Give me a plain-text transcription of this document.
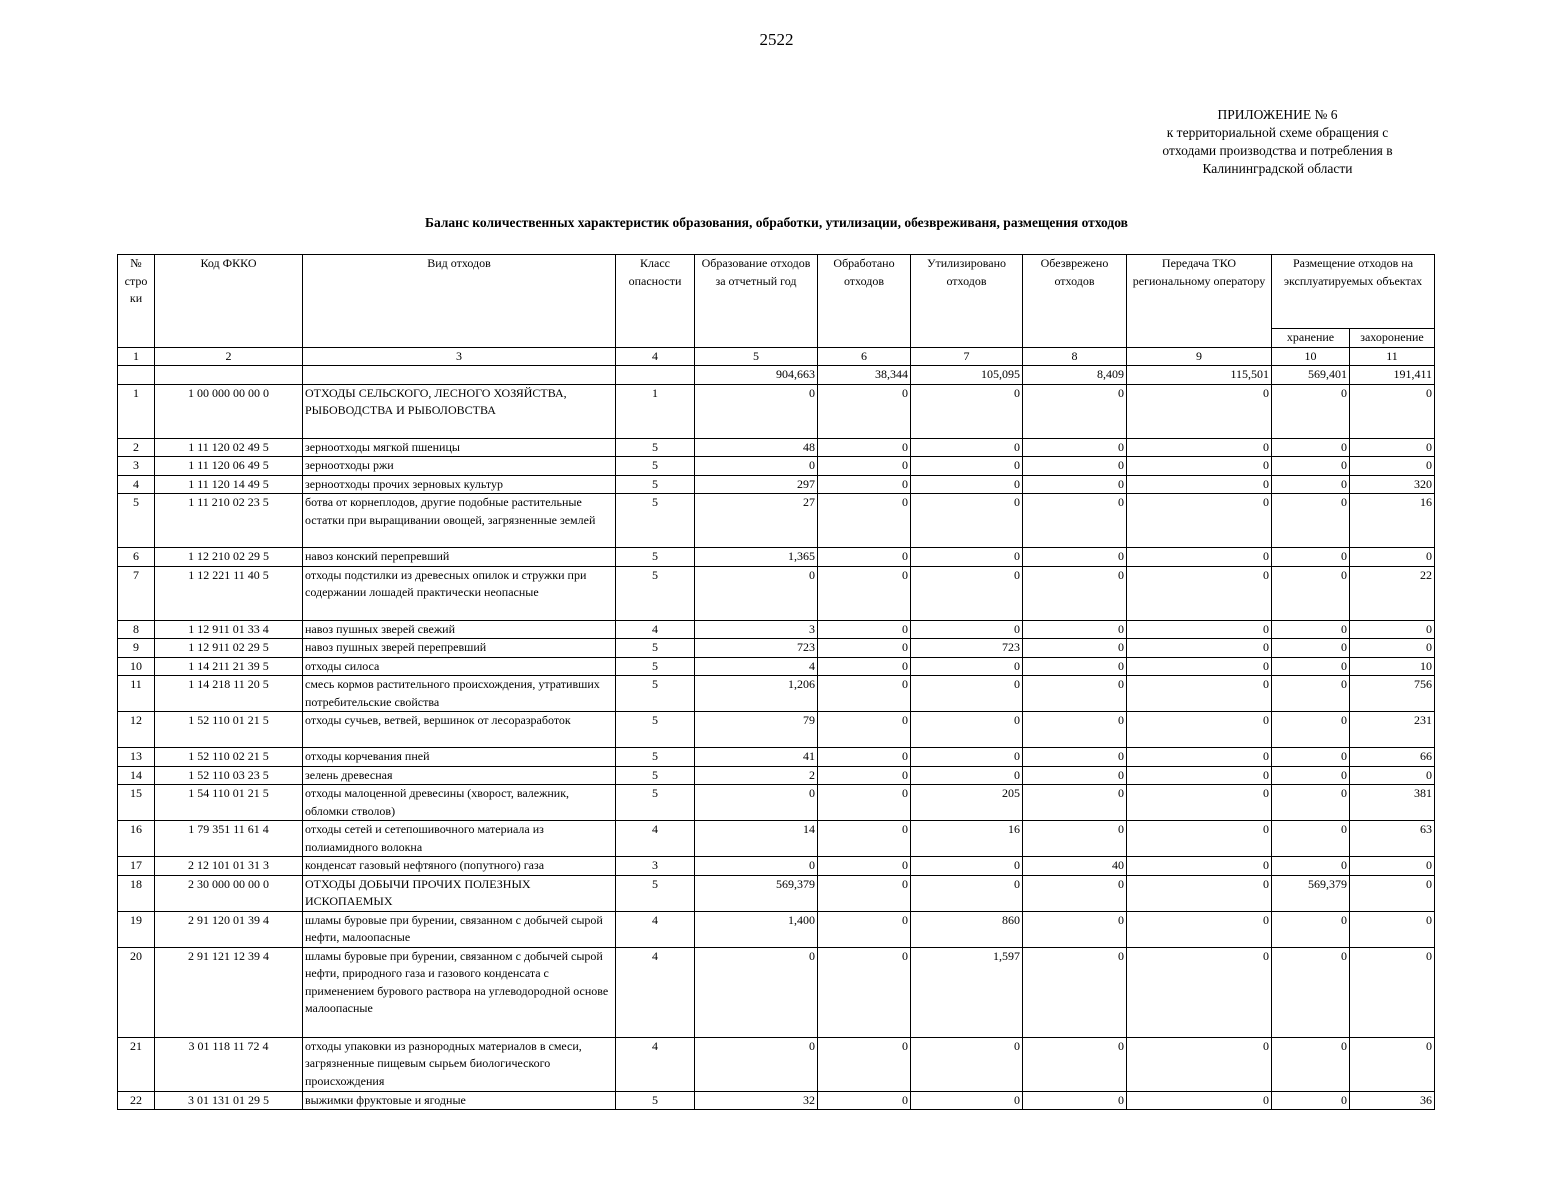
2522
ПРИЛОЖЕНИЕ № 6
к территориальной схеме обращения с
отходами производства и потребления в
Калининградской области
Баланс количественных характеристик образования, обработки, утилизации, обезвреживаня, размещения отходов
№ стро ки	Код ФККО	Вид отходов	Класс опасности	Образование отходов за отчетный год	Обработано отходов	Утилизировано отходов	Обезврежено отходов	Передача ТКО региональному оператору	Размещение отходов на эксплуатируемых объектах	
									хранение	захоронение
1	2	3	4	5	6	7	8	9	10	11
				904,663	38,344	105,095	8,409	115,501	569,401	191,411
1	1 00 000 00 00 0	ОТХОДЫ СЕЛЬСКОГО, ЛЕСНОГО ХОЗЯЙСТВА, РЫБОВОДСТВА И РЫБОЛОВСТВА	1	0	0	0	0	0	0	0
2	1 11 120 02 49 5	зерноотходы мягкой пшеницы	5	48	0	0	0	0	0	0
3	1 11 120 06 49 5	зерноотходы ржи	5	0	0	0	0	0	0	0
4	1 11 120 14 49 5	зерноотходы прочих зерновых культур	5	297	0	0	0	0	0	320
5	1 11 210 02 23 5	ботва от корнеплодов, другие подобные растительные остатки при выращивании овощей, загрязненные землей	5	27	0	0	0	0	0	16
6	1 12 210 02 29 5	навоз конский перепревший	5	1,365	0	0	0	0	0	0
7	1 12 221 11 40 5	отходы подстилки из древесных опилок и стружки при содержании лошадей практически неопасные	5	0	0	0	0	0	0	22
8	1 12 911 01 33 4	навоз пушных зверей свежий	4	3	0	0	0	0	0	0
9	1 12 911 02 29 5	навоз пушных зверей перепревший	5	723	0	723	0	0	0	0
10	1 14 211 21 39 5	отходы силоса	5	4	0	0	0	0	0	10
11	1 14 218 11 20 5	смесь кормов растительного происхождения, утративших потребительские свойства	5	1,206	0	0	0	0	0	756
12	1 52 110 01 21 5	отходы сучьев, ветвей, вершинок от лесоразработок	5	79	0	0	0	0	0	231
13	1 52 110 02 21 5	отходы корчевания пней	5	41	0	0	0	0	0	66
14	1 52 110 03 23 5	зелень древесная	5	2	0	0	0	0	0	0
15	1 54 110 01 21 5	отходы малоценной древесины (хворост, валежник, обломки стволов)	5	0	0	205	0	0	0	381
16	1 79 351 11 61 4	отходы сетей и сетепошивочного материала из полиамидного волокна	4	14	0	16	0	0	0	63
17	2 12 101 01 31 3	конденсат газовый нефтяного (попутного) газа	3	0	0	0	40	0	0	0
18	2 30 000 00 00 0	ОТХОДЫ ДОБЫЧИ ПРОЧИХ ПОЛЕЗНЫХ ИСКОПАЕМЫХ	5	569,379	0	0	0	0	569,379	0
19	2 91 120 01 39 4	шламы буровые при бурении, связанном с добычей сырой нефти, малоопасные	4	1,400	0	860	0	0	0	0
20	2 91 121 12 39 4	шламы буровые при бурении, связанном с добычей сырой нефти, природного газа и газового конденсата с применением бурового раствора на углеводородной основе малоопасные	4	0	0	1,597	0	0	0	0
21	3 01 118 11 72 4	отходы упаковки из разнородных материалов в смеси, загрязненные пищевым сырьем биологического происхождения	4	0	0	0	0	0	0	0
22	3 01 131 01 29 5	выжимки фруктовые и ягодные	5	32	0	0	0	0	0	36
